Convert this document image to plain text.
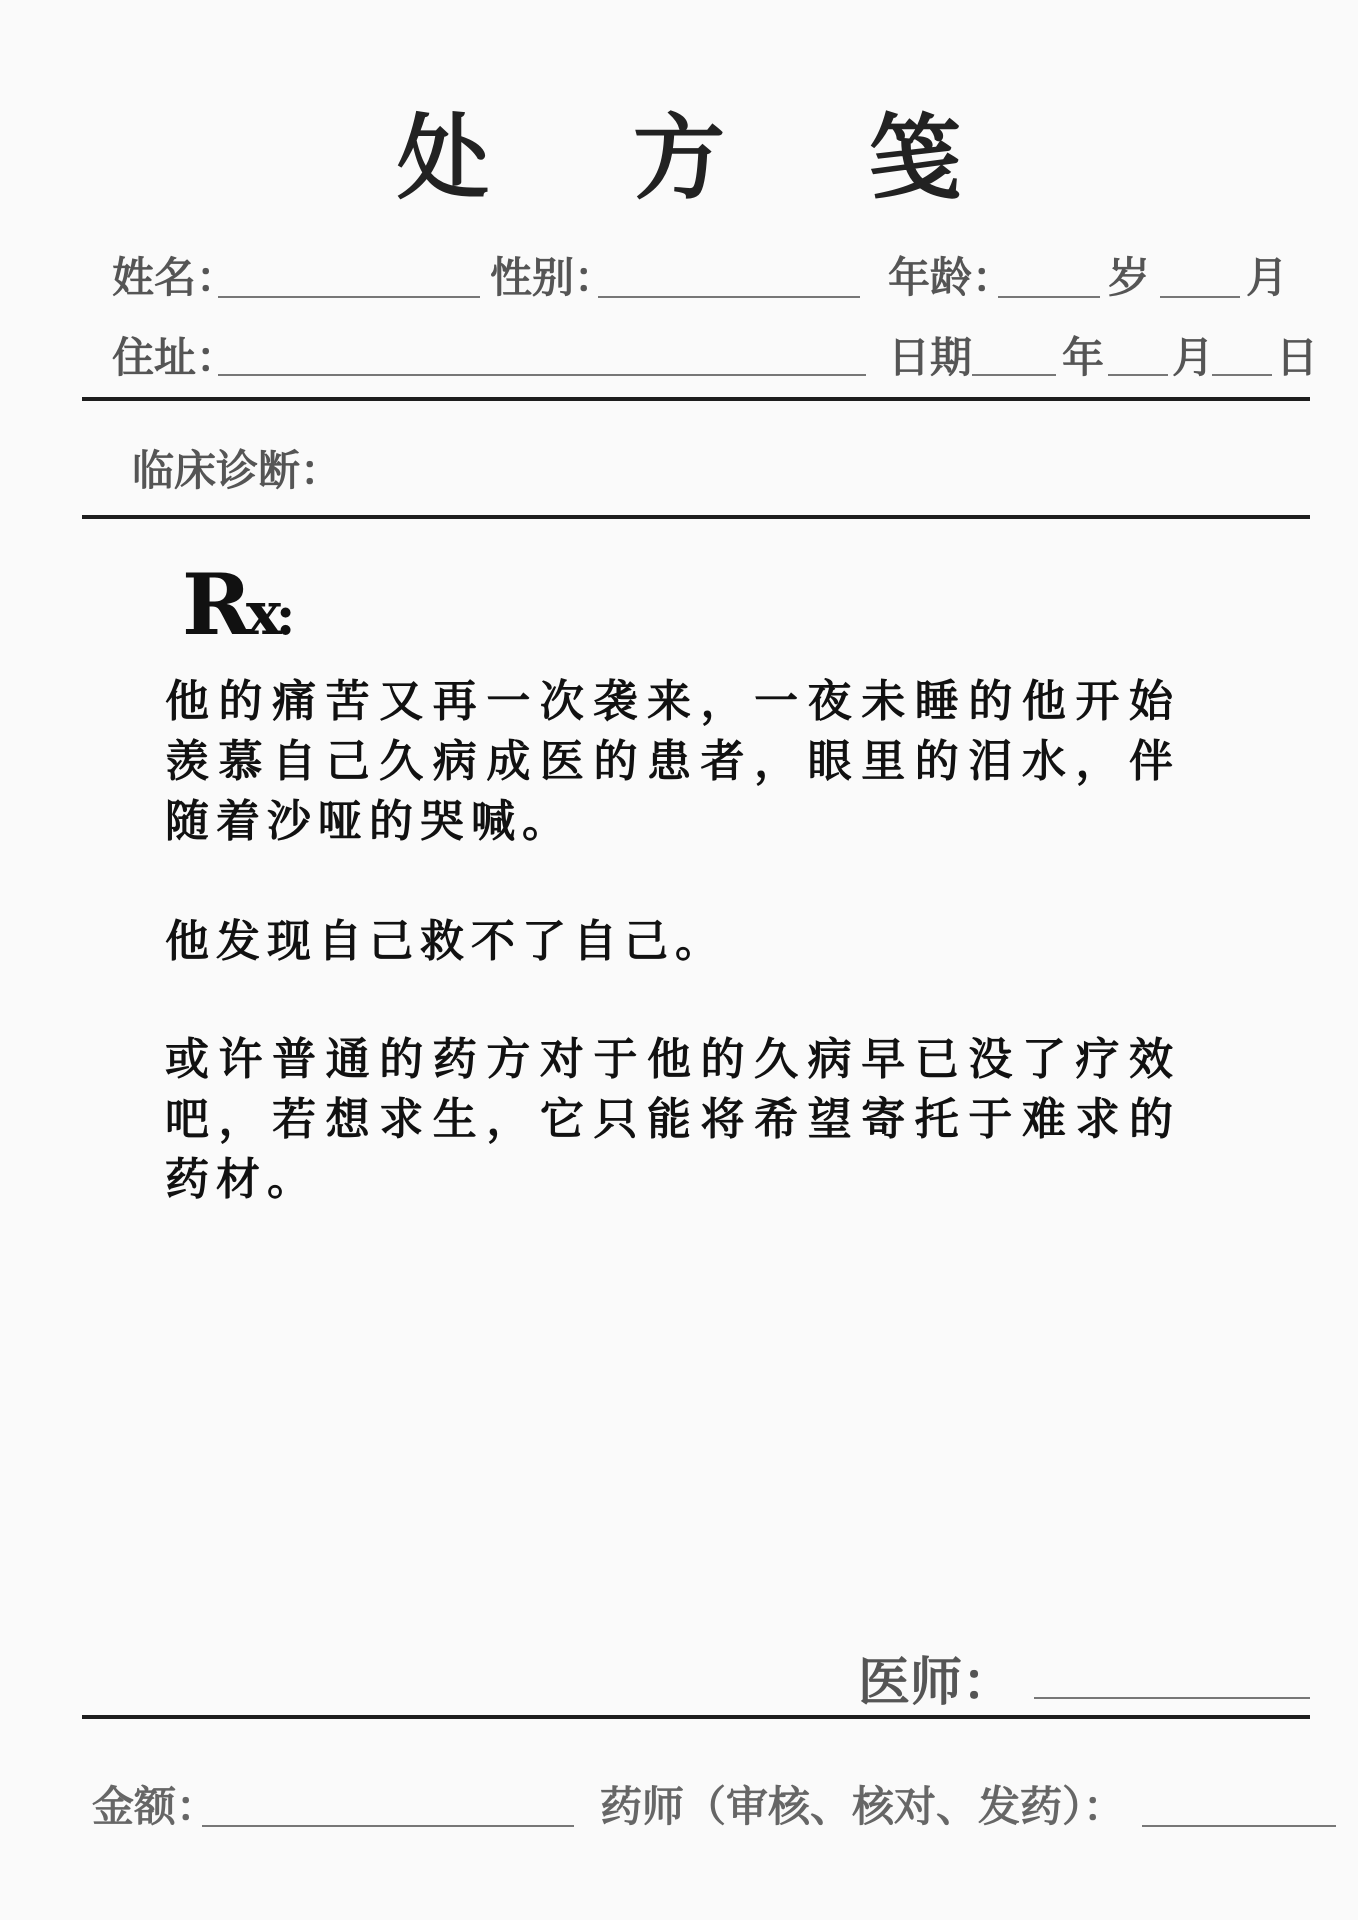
处 方 笺
姓名：	性别：	年龄： 岁 月
住址：	日期 年 月 日
临床诊断：
Rx:

他的痛苦又再一次袭来，一夜未睡的他开始羡慕自己久病成医的患者，眼里的泪水，伴随着沙哑的哭喊。

他发现自己救不了自己。

或许普通的药方对于他的久病早已没了疗效吧，若想求生，它只能将希望寄托于难求的药材。

医师：
金额：	药师（审核、核对、发药）：
